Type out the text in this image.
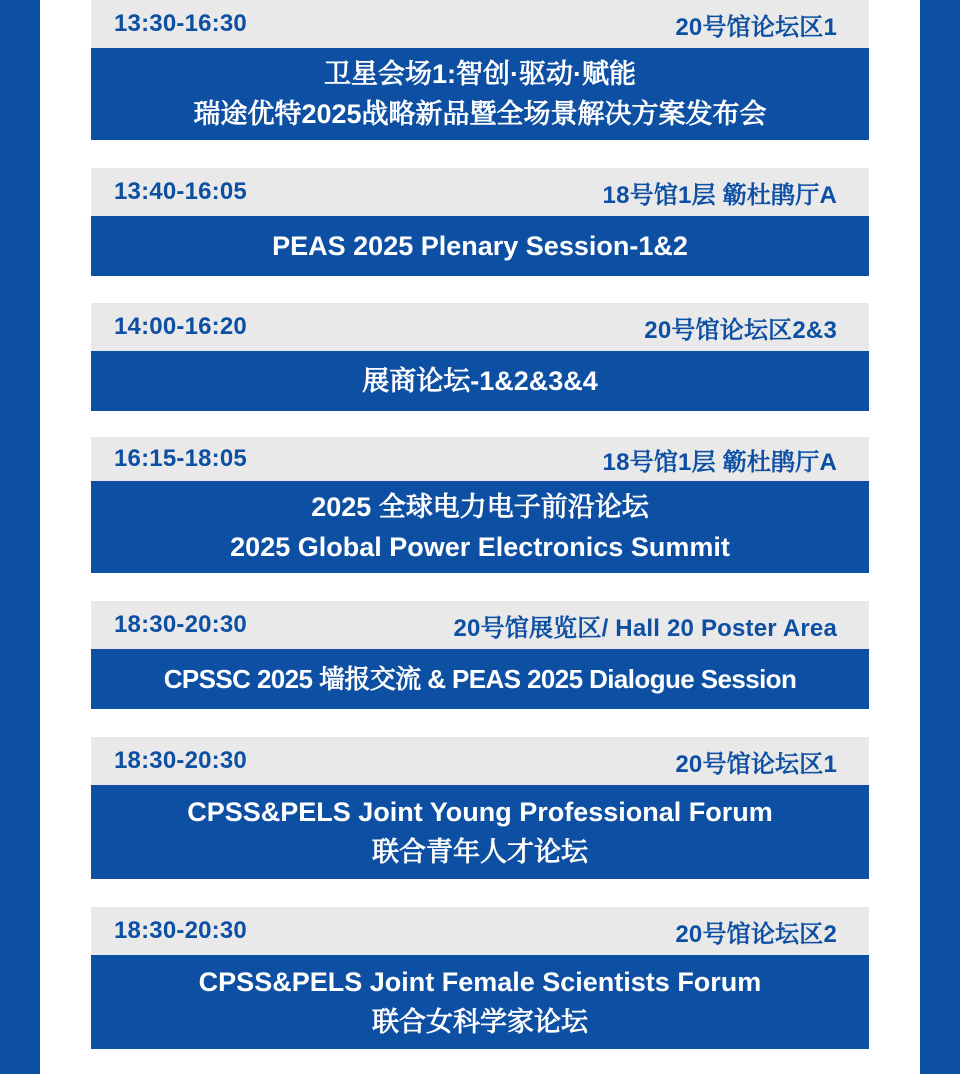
13:30-16:30	20号馆论坛区1
卫星会场1:智创·驱动·赋能
瑞途优特2025战略新品暨全场景解决方案发布会
13:40-16:05	18号馆1层 簕杜鹃厅A
PEAS 2025 Plenary Session-1&2
14:00-16:20	20号馆论坛区2&3
展商论坛-1&2&3&4
16:15-18:05	18号馆1层 簕杜鹃厅A
2025 全球电力电子前沿论坛
2025 Global Power Electronics Summit
18:30-20:30	20号馆展览区/ Hall 20 Poster Area
CPSSC 2025 墙报交流 & PEAS 2025 Dialogue Session
18:30-20:30	20号馆论坛区1
CPSS&PELS Joint Young Professional Forum
联合青年人才论坛
18:30-20:30	20号馆论坛区2
CPSS&PELS Joint Female Scientists Forum
联合女科学家论坛
